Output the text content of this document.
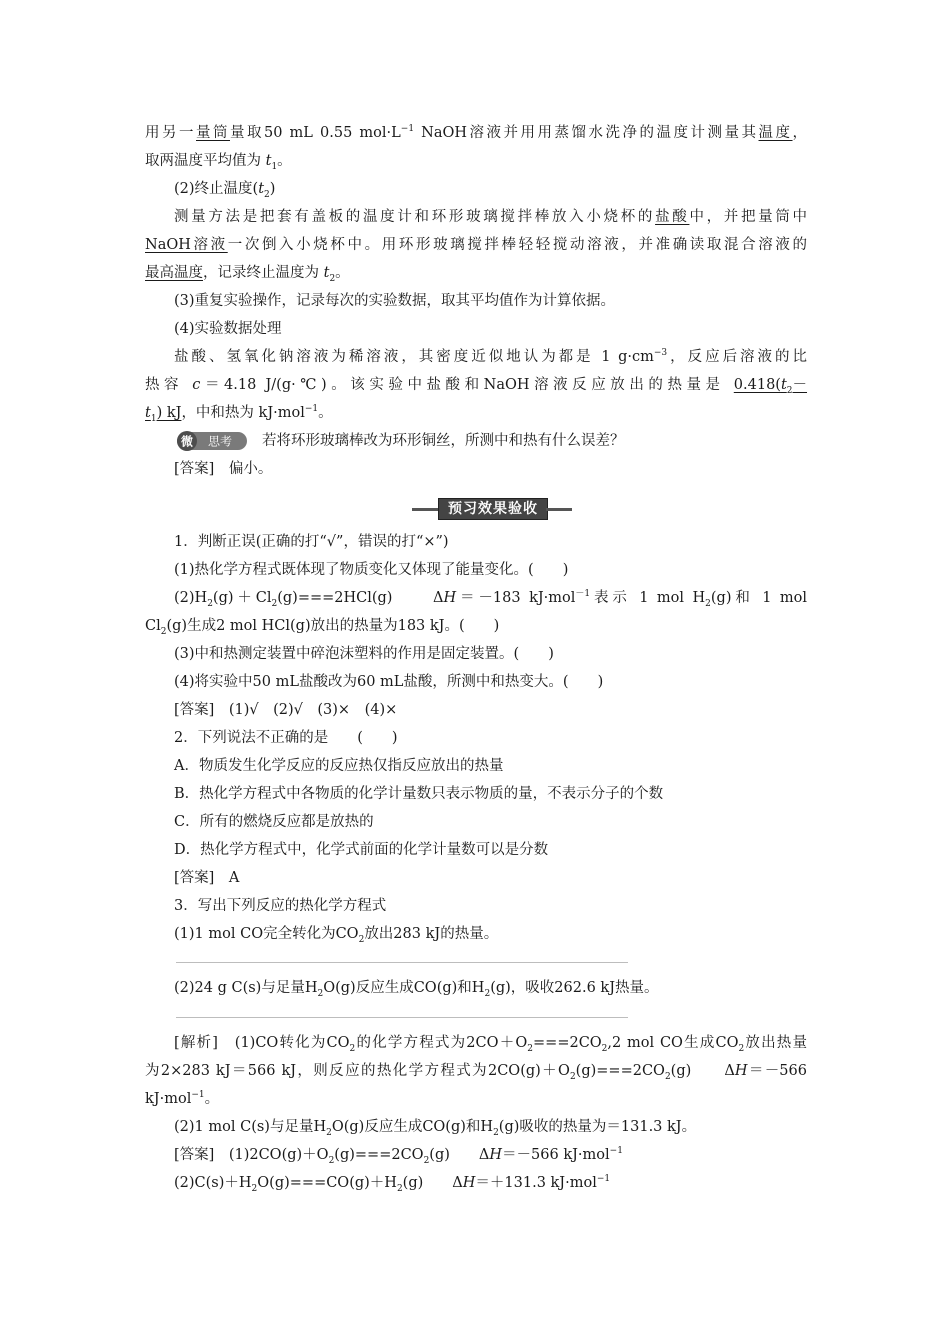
用另一量筒量取50 mL 0.55 $mol\cdot L^{-1}$ NaOH溶液并用用蒸馏水洗净的温度计测量其温度，
取两温度平均值为 $t_1$。
(2)终止温度$(t_2)$
测量方法是把套有盖板的温度计和环形玻璃搅拌棒放入小烧杯的盐酸中，并把量筒中
NaOH溶液一次倒入小烧杯中。用环形玻璃搅拌棒轻轻搅动溶液，并准确读取混合溶液的
最高温度，记录终止温度为 $t_2$。
(3)重复实验操作，记录每次的实验数据，取其平均值作为计算依据。
(4)实验数据处理
盐酸、氢氧化钠溶液为稀溶液，其密度近似地认为都是 1 $g\cdot cm^{-3}$，反应后溶液的比
热容 c＝4.18 J/(g·℃)。该实验中盐酸和NaOH溶液反应放出的热量是 $0.418(t_2-$
$t_1$) kJ，中和热为 kJ·mol$^{-1}$。
微 思考 若将环形玻璃棒改为环形铜丝，所测中和热有什么误差？
[答案]　 偏小。
预习效果验收
1．判断正误(正确的打“√”，错误的打“×”)
(1)热化学方程式既体现了物质变化又体现了能量变化。(　　)
$(2)H_2(g)+Cl_2(g)===2HCl(g)$　　ΔH＝－183 kJ·mol$^{-1}$表示 1 mol $H_2(g)$和 1 mol
$Cl_2(g)$生成2 mol HCl(g)放出的热量为183 kJ。(　　)
(3)中和热测定装置中碎泡沫塑料的作用是固定装置。(　　)
(4)将实验中50 mL盐酸改为60 mL盐酸，所测中和热变大。(　　)
[答案]　 (1)√　(2)√　(3)×　(4)×
2．下列说法不正确的是　　(　　)
A．物质发生化学反应的反应热仅指反应放出的热量
B．热化学方程式中各物质的化学计量数只表示物质的量，不表示分子的个数
C．所有的燃烧反应都是放热的
D．热化学方程式中，化学式前面的化学计量数可以是分数
[答案]　 A
3．写出下列反应的热化学方程式
(1)1 mol CO完全转化为$CO_2$放出283 kJ的热量。
(2)24 g C(s)与足量$H_2O(g)$反应生成CO(g)和$H_2(g)$，吸收262.6 kJ热量。
[解析]　 (1)CO转化为$CO_2$的化学方程式为$2CO+O_2===2CO_2,2$ mol CO生成$CO_2$放出热量
为2×283 kJ＝566 kJ，则反应的热化学方程式为$2CO(g)+O_2(g)===2CO_2(g)$　　ΔH＝－566
kJ·mol$^{-1}$。
(2)1 mol C(s)与足量$H_2O(g)$反应生成CO(g)和$H_2(g)$吸收的热量为＝131.3 kJ。
[答案]　 $(1)2CO(g)+O_2(g)===2CO_2(g)$　　ΔH＝－566 kJ·mol$^{-1}$
$(2)C(s)+H_2O(g)===CO(g)+H_2(g)$　　ΔH＝＋131.3 kJ·mol$^{-1}$
